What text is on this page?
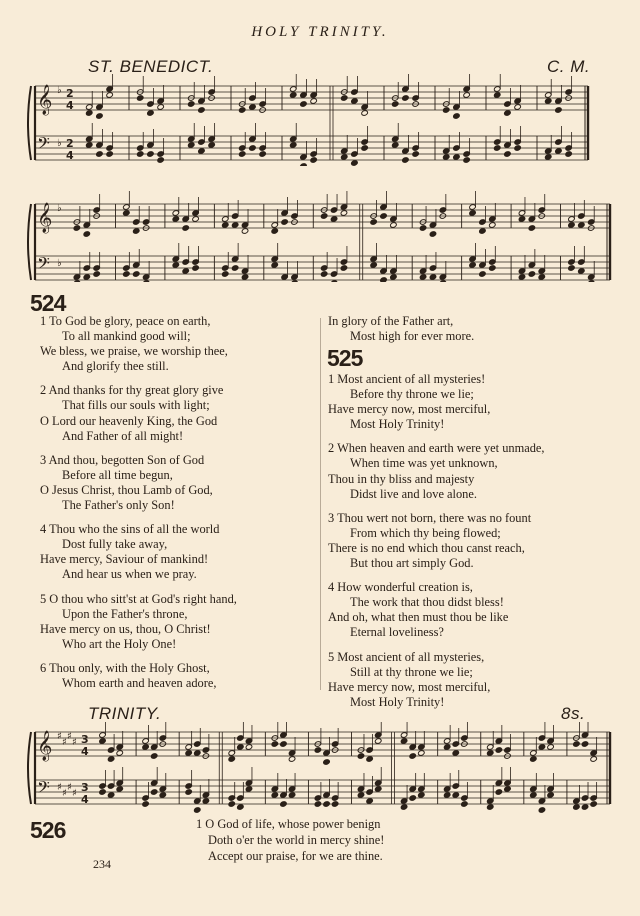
HOLY TRINITY.
ST. BENEDICT.	C. M.
𝄞
𝄢
♭
♭
2
4
2
4
𝄞
𝄢
♭
♭
524
1 To God be glory, peace on earth,
To all mankind good will;
We bless, we praise, we worship thee,
And glorify thee still.
2 And thanks for thy great glory give
That fills our souls with light;
O Lord our heavenly King, the God
And Father of all might!
3 And thou, begotten Son of God
Before all time begun,
O Jesus Christ, thou Lamb of God,
The Father's only Son!
4 Thou who the sins of all the world
Dost fully take away,
Have mercy, Saviour of mankind!
And hear us when we pray.
5 O thou who sitt'st at God's right hand,
Upon the Father's throne,
Have mercy on us, thou, O Christ!
Who art the Holy One!
6 Thou only, with the Holy Ghost,
Whom earth and heaven adore,
In glory of the Father art,
Most high for ever more.
525
1 Most ancient of all mysteries!
Before thy throne we lie;
Have mercy now, most merciful,
Most Holy Trinity!
2 When heaven and earth were yet unmade,
When time was yet unknown,
Thou in thy bliss and majesty
Didst live and love alone.
3 Thou wert not born, there was no fount
From which thy being flowed;
There is no end which thou canst reach,
But thou art simply God.
4 How wonderful creation is,
The work that thou didst bless!
And oh, what then must thou be like
Eternal loveliness?
5 Most ancient of all mysteries,
Still at thy throne we lie;
Have mercy now, most merciful,
Most Holy Trinity!
TRINITY.	8s.
𝄞
𝄢
♯
♯
♯
♯
♯
♯
♯
♯
3
4
3
4
526	1 O God of life, whose power benign
Doth o'er the world in mercy shine!
Accept our praise, for we are thine.
234
